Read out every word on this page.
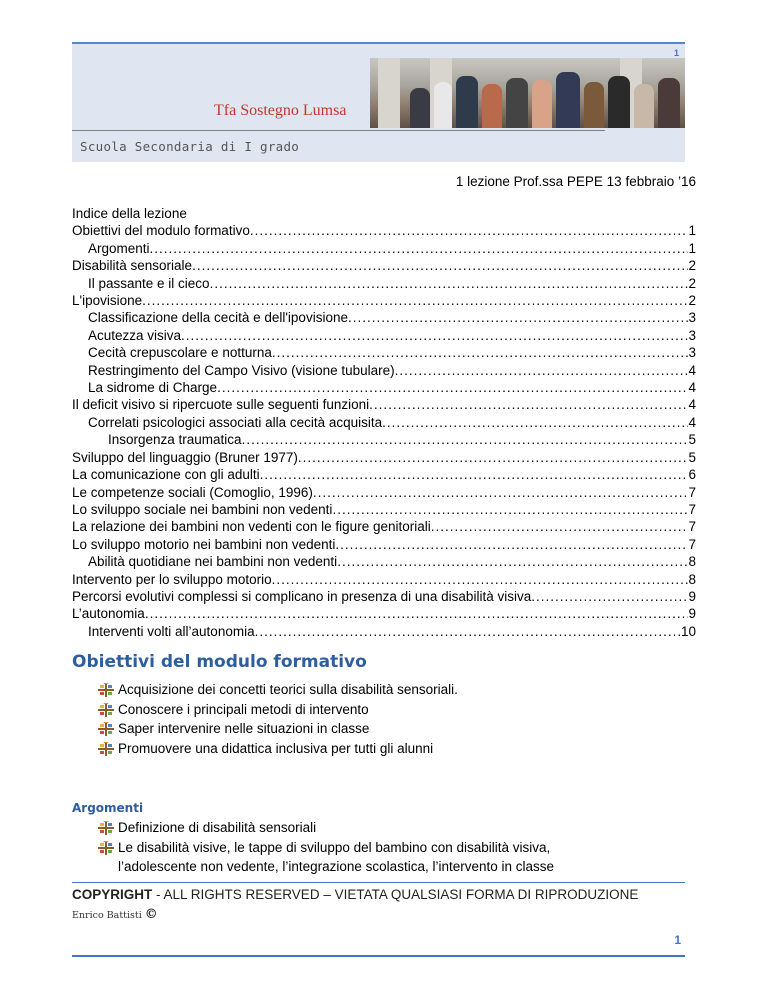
1
Tfa Sostegno Lumsa
Scuola Secondaria di I grado
1 lezione Prof.ssa PEPE 13 febbraio ’16
Indice della lezione
Obiettivi del modulo formativo .....	1
Argomenti .....	1
Disabilità sensoriale .....	2
Il passante e il cieco .....	2
L'ipovisione .....	2
Classificazione della cecità e dell'ipovisione .....	3
Acutezza visiva .....	3
Cecità crepuscolare e notturna .....	3
Restringimento del Campo Visivo (visione tubulare) .....	4
La sidrome di Charge .....	4
Il deficit visivo si ripercuote sulle seguenti funzioni .....	4
Correlati psicologici associati alla cecità acquisita .....	4
Insorgenza traumatica .....	5
Sviluppo del linguaggio (Bruner 1977) .....	5
La comunicazione con gli adulti .....	6
Le competenze sociali (Comoglio, 1996) .....	7
Lo sviluppo sociale nei bambini non vedenti .....	7
La relazione dei bambini non vedenti con le figure genitoriali .....	7
Lo sviluppo motorio nei bambini non vedenti .....	7
Abilità quotidiane nei bambini non vedenti .....	8
Intervento per lo sviluppo motorio .....	8
Percorsi evolutivi complessi si complicano in presenza di una disabilità visiva .....	9
L’autonomia .....	9
Interventi volti all’autonomia .....	10
Obiettivi del modulo formativo
Acquisizione dei concetti teorici sulla disabilità sensoriali.
Conoscere i principali metodi di intervento
Saper intervenire nelle situazioni in classe
Promuovere una didattica inclusiva per tutti gli alunni
Argomenti
Definizione di disabilità sensoriali
Le disabilità visive, le tappe di sviluppo del bambino con disabilità visiva,
l’adolescente non vedente, l’integrazione scolastica, l’intervento in classe
COPYRIGHT - ALL RIGHTS RESERVED – VIETATA QUALSIASI FORMA DI RIPRODUZIONE
Enrico Battisti ©
1
